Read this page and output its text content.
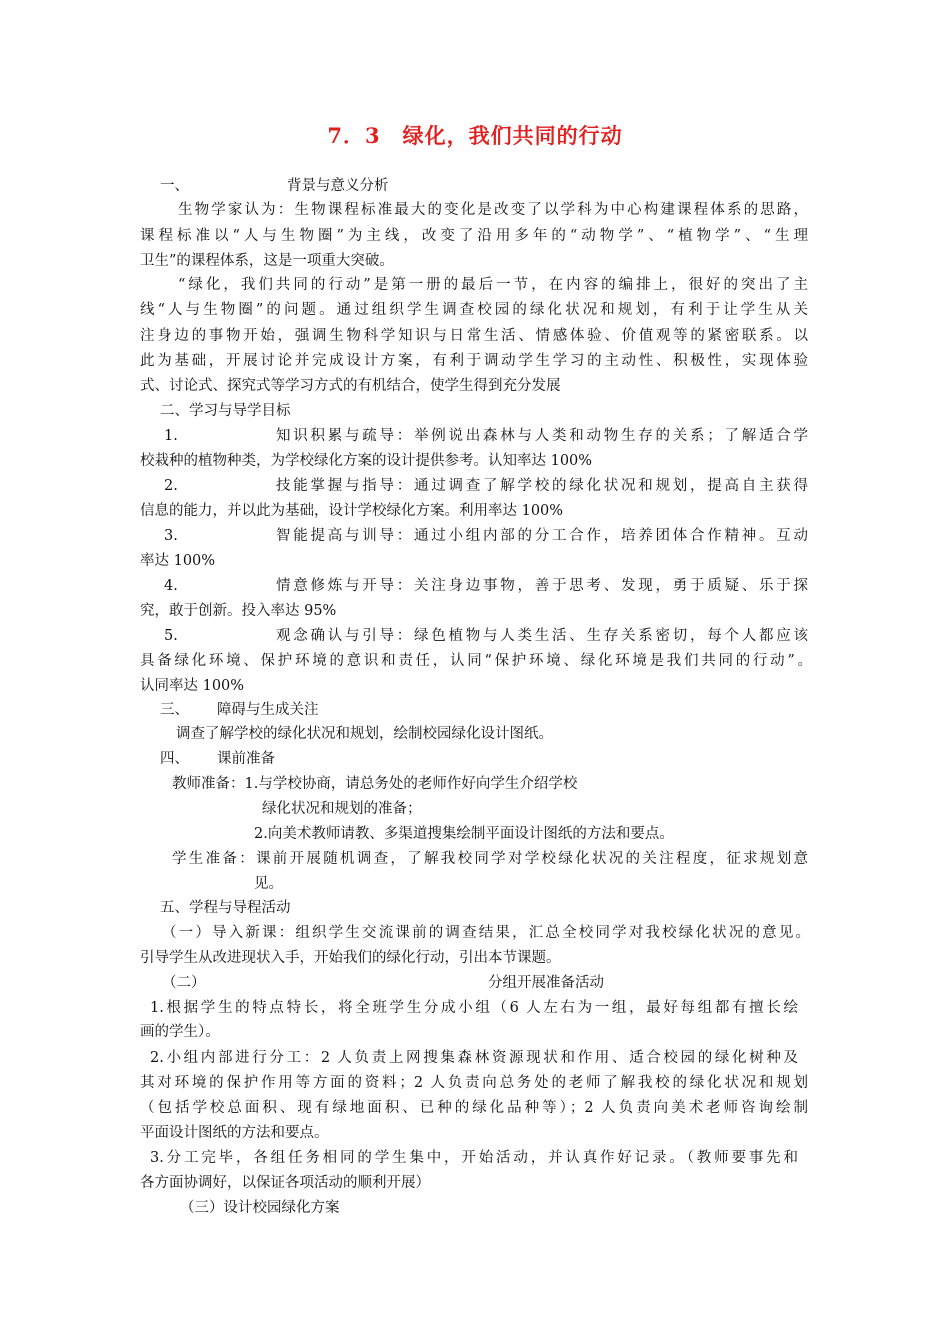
7．3　绿化，我们共同的行动
一、	背景与意义分析
生物学家认为：生物课程标准最大的变化是改变了以学科为中心构建课程体系的思路，
课程标准以“人与生物圈”为主线，改变了沿用多年的“动物学”、“植物学”、“生理
卫生”的课程体系，这是一项重大突破。
“绿化，我们共同的行动”是第一册的最后一节，在内容的编排上，很好的突出了主
线“人与生物圈”的问题。通过组织学生调查校园的绿化状况和规划，有利于让学生从关
注身边的事物开始，强调生物科学知识与日常生活、情感体验、价值观等的紧密联系。以
此为基础，开展讨论并完成设计方案，有利于调动学生学习的主动性、积极性，实现体验
式、讨论式、探究式等学习方式的有机结合，使学生得到充分发展
二、学习与导学目标
1.	知识积累与疏导：举例说出森林与人类和动物生存的关系；了解适合学
校栽种的植物种类，为学校绿化方案的设计提供参考。认知率达 100%
2.	技能掌握与指导：通过调查了解学校的绿化状况和规划，提高自主获得
信息的能力，并以此为基础，设计学校绿化方案。利用率达 100%
3.	智能提高与训导：通过小组内部的分工合作，培养团体合作精神。互动
率达 100%
4.	情意修炼与开导：关注身边事物，善于思考、发现，勇于质疑、乐于探
究，敢于创新。投入率达 95%
5.	观念确认与引导：绿色植物与人类生活、生存关系密切，每个人都应该
具备绿化环境、保护环境的意识和责任，认同“保护环境、绿化环境是我们共同的行动”。
认同率达 100%
三、 障碍与生成关注
调查了解学校的绿化状况和规划，绘制校园绿化设计图纸。
四、 课前准备
教师准备：1.与学校协商，请总务处的老师作好向学生介绍学校
绿化状况和规划的准备；
2.向美术教师请教、多渠道搜集绘制平面设计图纸的方法和要点。
学生准备：课前开展随机调查，了解我校同学对学校绿化状况的关注程度，征求规划意
见。
五、学程与导程活动
（一）导入新课：组织学生交流课前的调查结果，汇总全校同学对我校绿化状况的意见。
引导学生从改进现状入手，开始我们的绿化行动，引出本节课题。
（二）	分组开展准备活动
1.根据学生的特点特长，将全班学生分成小组（6 人左右为一组，最好每组都有擅长绘
画的学生）。
2.小组内部进行分工：2 人负责上网搜集森林资源现状和作用、适合校园的绿化树种及
其对环境的保护作用等方面的资料；2 人负责向总务处的老师了解我校的绿化状况和规划
（包括学校总面积、现有绿地面积、已种的绿化品种等）；2 人负责向美术老师咨询绘制
平面设计图纸的方法和要点。
3.分工完毕，各组任务相同的学生集中，开始活动，并认真作好记录。（教师要事先和
各方面协调好，以保证各项活动的顺利开展）
（三）设计校园绿化方案
